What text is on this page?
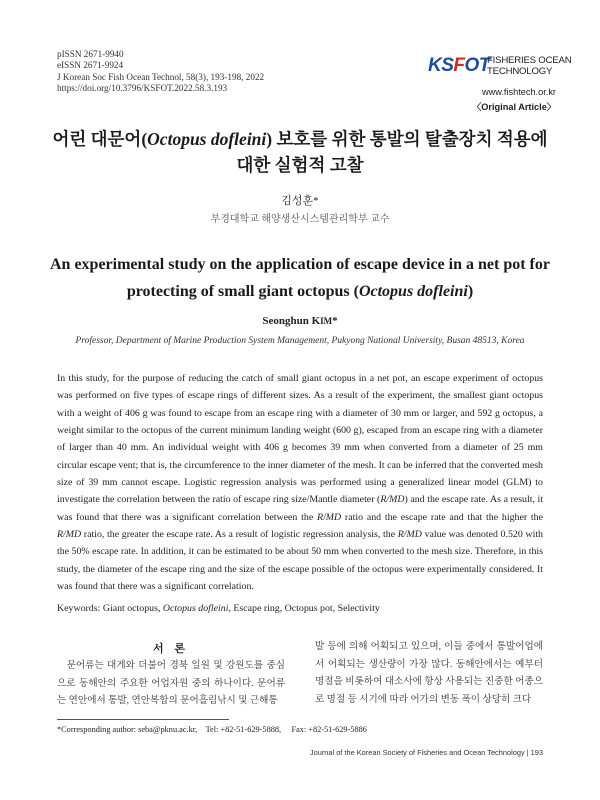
pISSN 2671-9940
eISSN 2671-9924
J Korean Soc Fish Ocean Technol, 58(3), 193-198, 2022
https://doi.org/10.3796/KSFOT.2022.58.3.193
KSFOT
FISHERIES OCEAN
TECHNOLOGY
www.fishtech.or.kr
〈Original Article〉
어린 대문어(Octopus dofleini) 보호를 위한 통발의 탈출장치 적용에
대한 실험적 고찰
김성훈*
부경대학교 해양생산시스템관리학부 교수
An experimental study on the application of escape device in a net pot for
protecting of small giant octopus (Octopus dofleini)
Seonghun KIM*
Professor, Department of Marine Production System Management, Pukyong National University, Busan 48513, Korea
In this study, for the purpose of reducing the catch of small giant octopus in a net pot, an escape experiment of octopus was performed on five types of escape rings of different sizes. As a result of the experiment, the smallest giant octopus with a weight of 406 g was found to escape from an escape ring with a diameter of 30 mm or larger, and 592 g octopus, a weight similar to the octopus of the current minimum landing weight (600 g), escaped from an escape ring with a diameter of larger than 40 mm. An individual weight with 406 g becomes 39 mm when converted from a diameter of 25 mm circular escape vent; that is, the circumference to the inner diameter of the mesh. It can be inferred that the converted mesh size of 39 mm cannot escape. Logistic regression analysis was performed using a generalized linear model (GLM) to investigate the correlation between the ratio of escape ring size/Mantle diameter (R/MD) and the escape rate. As a result, it was found that there was a significant correlation between the R/MD ratio and the escape rate and that the higher the R/MD ratio, the greater the escape rate. As a result of logistic regression analysis, the R/MD value was denoted 0.520 with the 50% escape rate. In addition, it can be estimated to be about 50 mm when converted to the mesh size. Therefore, in this study, the diameter of the escape ring and the size of the escape possible of the octopus were experimentally considered. It was found that there was a significant correlation.
Keywords: Giant octopus, Octopus dofleini, Escape ring, Octopus pot, Selectivity
서 론
문어류는 대게와 더불어 경북 일원 및 강원도를 중심으로 동해안의 주요한 어업자원 중의 하나이다. 문어류는 연안에서 통발, 연안복합의 문어흘림낚시 및 근해통
발 등에 의해 어획되고 있으며, 이들 중에서 통발어업에서 어획되는 생산량이 가장 많다. 동해안에서는 예부터 명절을 비롯하여 대소사에 항상 사용되는 진중한 어종으로 명절 등 시기에 따라 어가의 변동 폭이 상당히 크다
*Corresponding author: seba@pknu.ac.kr, Tel: +82-51-629-5888, Fax: +82-51-629-5886
Journal of the Korean Society of Fisheries and Ocean Technology | 193
